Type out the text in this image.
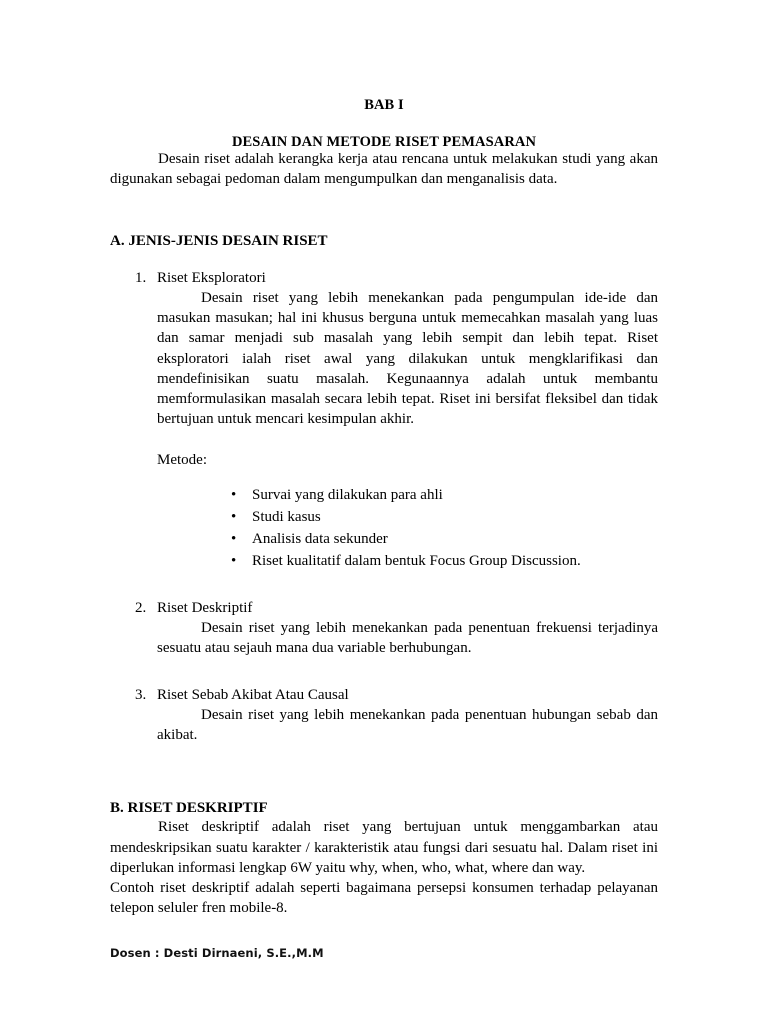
BAB I
DESAIN DAN METODE RISET PEMASARAN

Desain riset adalah kerangka kerja atau rencana untuk melakukan studi yang akan digunakan sebagai pedoman dalam mengumpulkan dan menganalisis data.

A. JENIS-JENIS DESAIN RISET
1. Riset Eksploratori
Desain riset yang lebih menekankan pada pengumpulan ide-ide dan masukan masukan; hal ini khusus berguna untuk memecahkan masalah yang luas dan samar menjadi sub masalah yang lebih sempit dan lebih tepat. Riset eksploratori ialah riset awal yang dilakukan untuk mengklarifikasi dan mendefinisikan suatu masalah. Kegunaannya adalah untuk membantu memformulasikan masalah secara lebih tepat. Riset ini bersifat fleksibel dan tidak bertujuan untuk mencari kesimpulan akhir.
Metode:
• Survai yang dilakukan para ahli
• Studi kasus
• Analisis data sekunder
• Riset kualitatif dalam bentuk Focus Group Discussion.
2. Riset Deskriptif
Desain riset yang lebih menekankan pada penentuan frekuensi terjadinya sesuatu atau sejauh mana dua variable berhubungan.
3. Riset Sebab Akibat Atau Causal
Desain riset yang lebih menekankan pada penentuan hubungan sebab dan akibat.
B. RISET DESKRIPTIF

Riset deskriptif adalah riset yang bertujuan untuk menggambarkan atau mendeskripsikan suatu karakter / karakteristik atau fungsi dari sesuatu hal. Dalam riset ini diperlukan informasi lengkap 6W yaitu why, when, who, what, where dan way.

Contoh riset deskriptif adalah seperti bagaimana persepsi konsumen terhadap pelayanan telepon seluler fren mobile-8.

Dosen : Desti Dirnaeni, S.E.,M.M
